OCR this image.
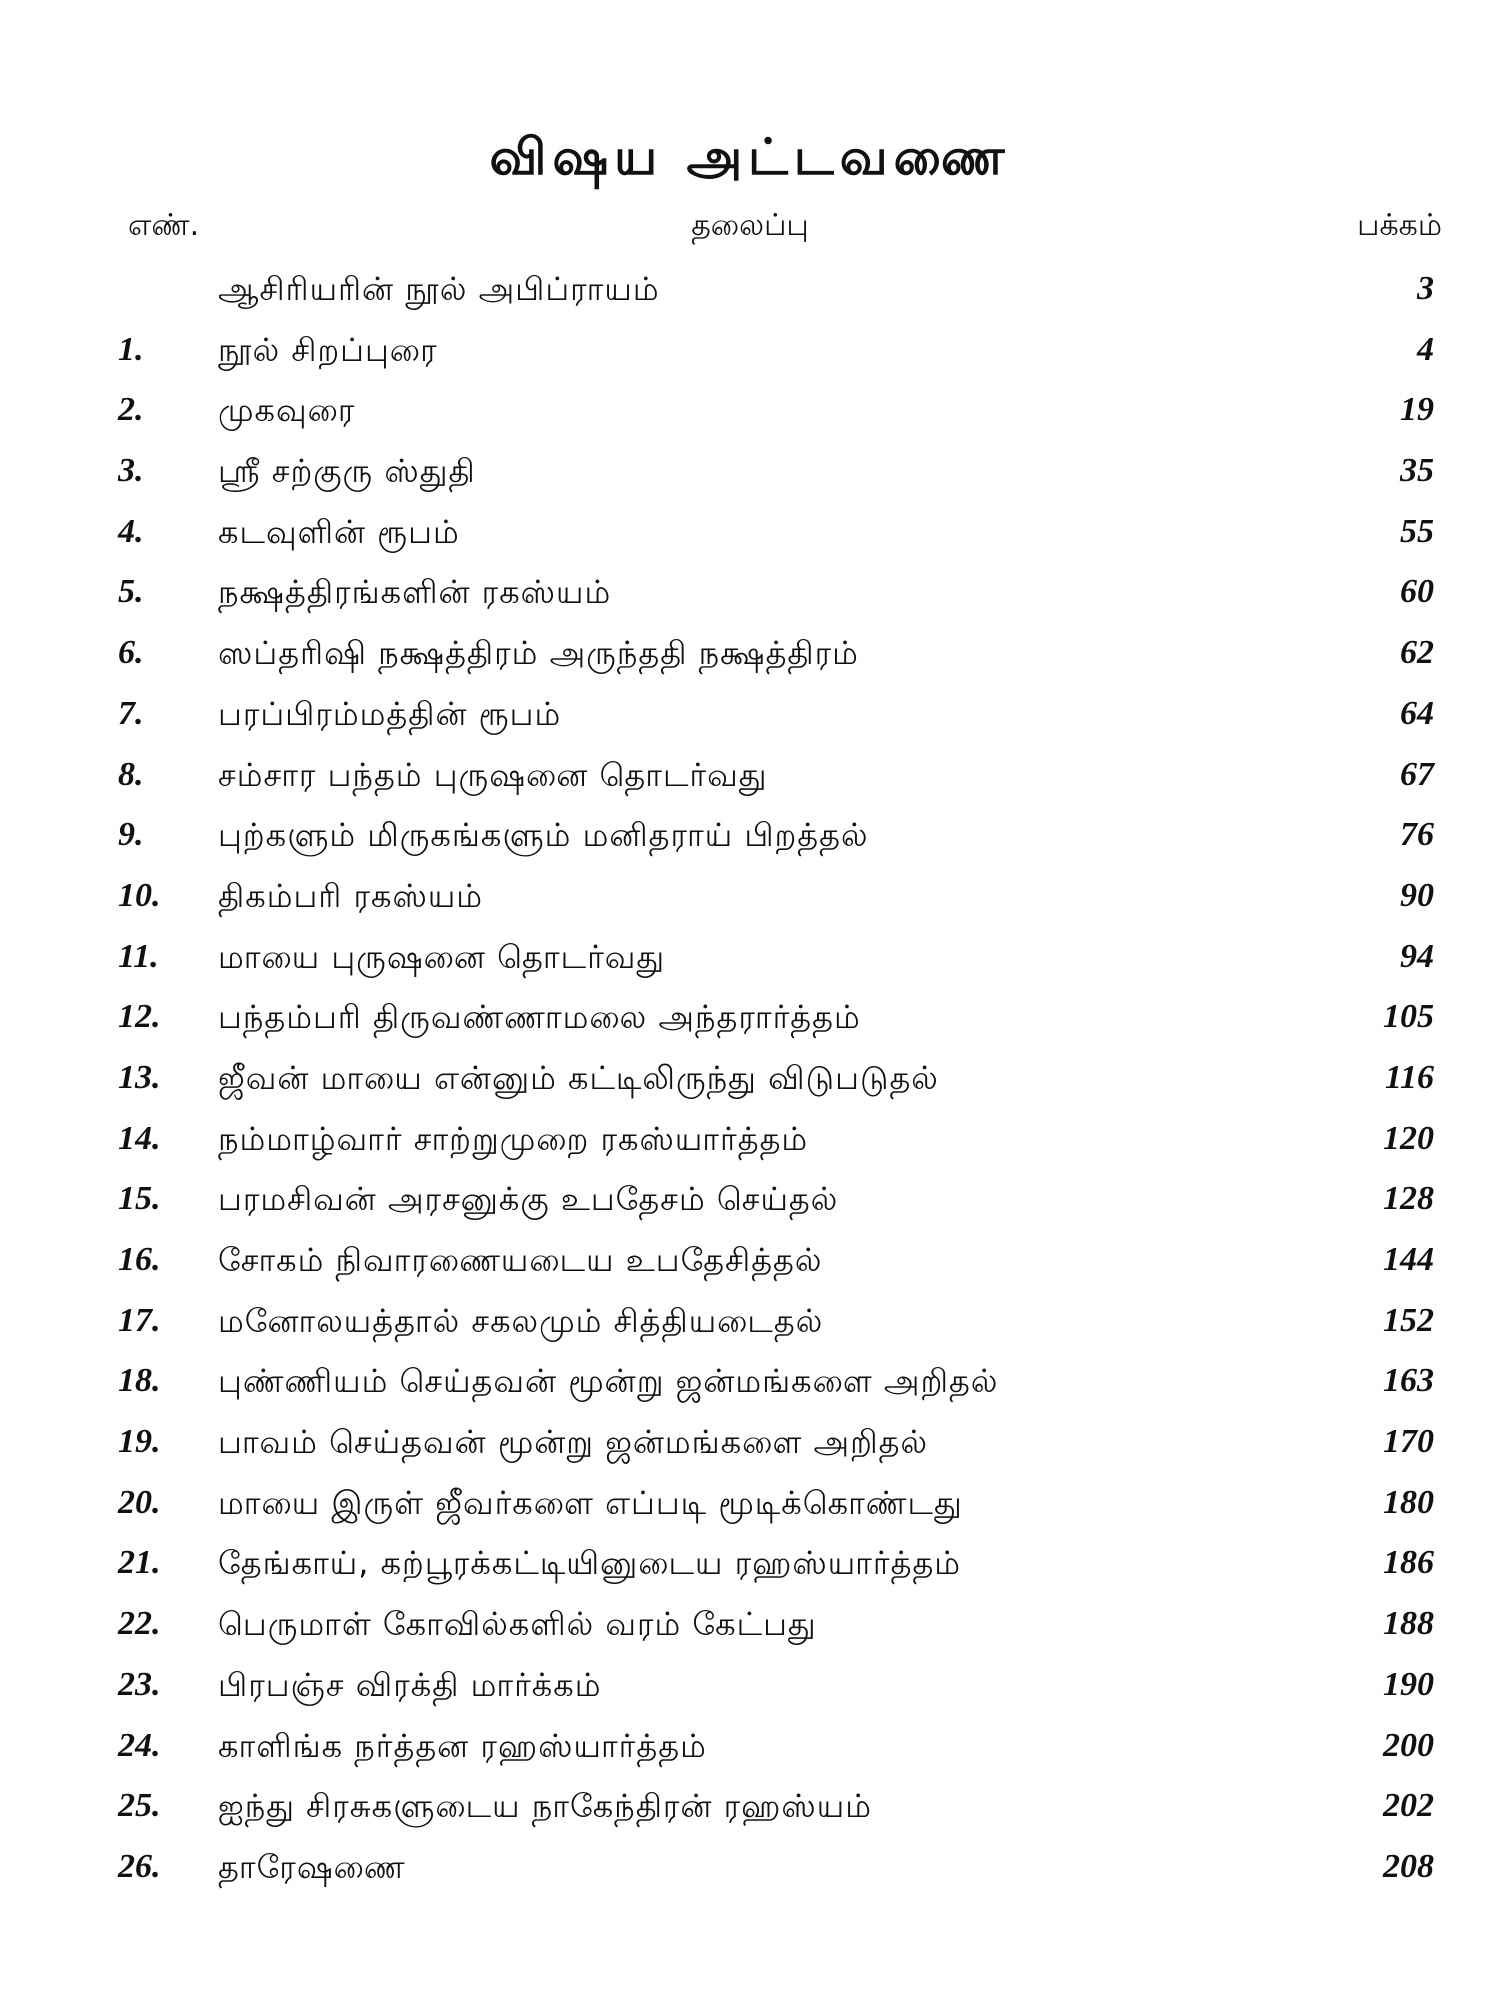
விஷய அட்டவணை
எண்.	தலைப்பு	பக்கம்
ஆசிரியரின் நூல் அபிப்ராயம்	3
1. நூல் சிறப்புரை	4
2. முகவுரை	19
3. ஸ்ரீ சற்குரு ஸ்துதி	35
4. கடவுளின் ரூபம்	55
5. நக்ஷத்திரங்களின் ரகஸ்யம்	60
6. ஸப்தரிஷி நக்ஷத்திரம் அருந்ததி நக்ஷத்திரம்	62
7. பரப்பிரம்மத்தின் ரூபம்	64
8. சம்சார பந்தம் புருஷனை தொடர்வது	67
9. புற்களும் மிருகங்களும் மனிதராய் பிறத்தல்	76
10. திகம்பரி ரகஸ்யம்	90
11. மாயை புருஷனை தொடர்வது	94
12. பந்தம்பரி திருவண்ணாமலை அந்தரார்த்தம்	105
13. ஜீவன் மாயை என்னும் கட்டிலிருந்து விடுபடுதல்	116
14. நம்மாழ்வார் சாற்றுமுறை ரகஸ்யார்த்தம்	120
15. பரமசிவன் அரசனுக்கு உபதேசம் செய்தல்	128
16. சோகம் நிவாரணையடைய உபதேசித்தல்	144
17. மனோலயத்தால் சகலமும் சித்தியடைதல்	152
18. புண்ணியம் செய்தவன் மூன்று ஜன்மங்களை அறிதல்	163
19. பாவம் செய்தவன் மூன்று ஜன்மங்களை அறிதல்	170
20. மாயை இருள் ஜீவர்களை எப்படி மூடிக்கொண்டது	180
21. தேங்காய், கற்பூரக்கட்டியினுடைய ரஹஸ்யார்த்தம்	186
22. பெருமாள் கோவில்களில் வரம் கேட்பது	188
23. பிரபஞ்ச விரக்தி மார்க்கம்	190
24. காளிங்க நர்த்தன ரஹஸ்யார்த்தம்	200
25. ஐந்து சிரசுகளுடைய நாகேந்திரன் ரஹஸ்யம்	202
26. தாரேஷணை	208
